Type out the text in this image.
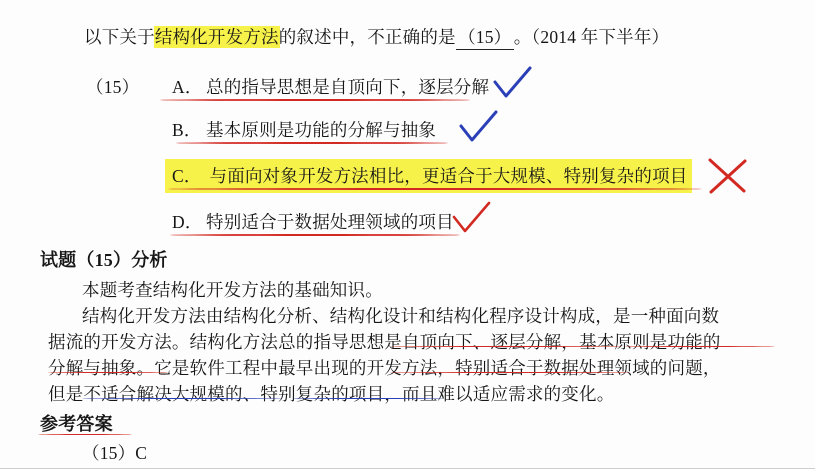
以下关于结构化开发方法的叙述中，不正确的是 （15） 。（2014 年下半年）
（15） A． 总的指导思想是自顶向下，逐层分解
B． 基本原则是功能的分解与抽象
C． 与面向对象开发方法相比，更适合于大规模、特别复杂的项目
D． 特别适合于数据处理领域的项目
试题（15）分析
本题考查结构化开发方法的基础知识。
结构化开发方法由结构化分析、结构化设计和结构化程序设计构成，是一种面向数
据流的开发方法。结构化方法总的指导思想是自顶向下、逐层分解，基本原则是功能的
分解与抽象。它是软件工程中最早出现的开发方法，特别适合于数据处理领域的问题，
但是不适合解决大规模的、特别复杂的项目，而且难以适应需求的变化。
参考答案
（15）C
